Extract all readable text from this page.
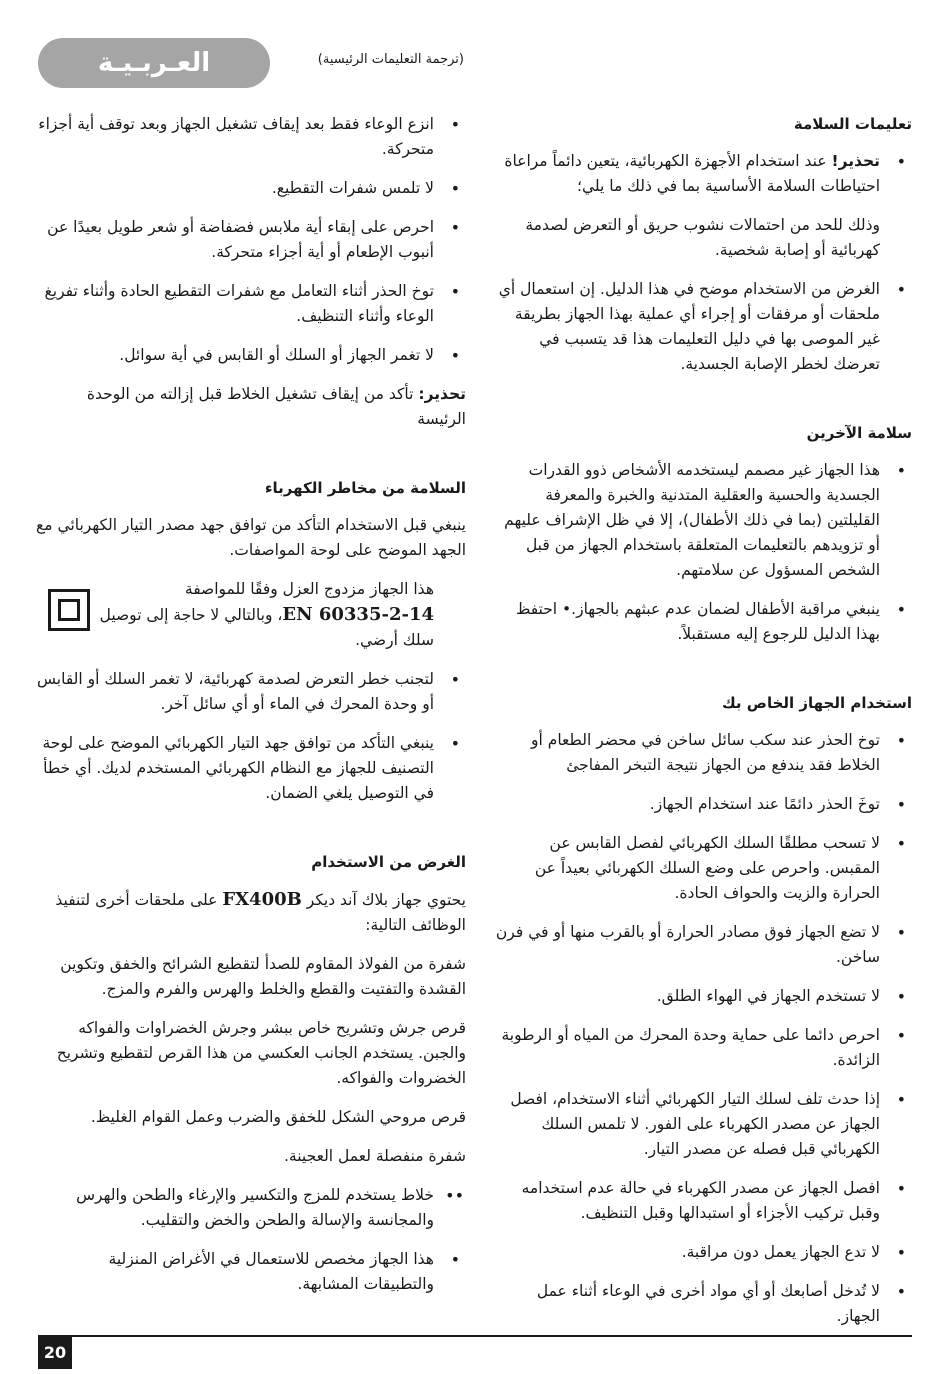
العـربـيـة	(ترجمة التعليمات الرئيسية)
تعليمات السلامة
• تحذير! عند استخدام الأجهزة الكهربائية، يتعين دائماً مراعاة احتياطات السلامة الأساسية بما في ذلك ما يلي؛

وذلك للحد من احتمالات نشوب حريق أو التعرض لصدمة كهربائية أو إصابة شخصية.

• الغرض من الاستخدام موضح في هذا الدليل. إن استعمال أي ملحقات أو مرفقات أو إجراء أي عملية بهذا الجهاز بطريقة غير الموصى بها في دليل التعليمات هذا قد يتسبب في تعرضك لخطر الإصابة الجسدية.
سلامة الآخرين
• هذا الجهاز غير مصمم ليستخدمه الأشخاص ذوو القدرات الجسدية والحسية والعقلية المتدنية والخبرة والمعرفة القليلتين (بما في ذلك الأطفال)، إلا في ظل الإشراف عليهم أو تزويدهم بالتعليمات المتعلقة باستخدام الجهاز من قبل الشخص المسؤول عن سلامتهم.
• ينبغي مراقبة الأطفال لضمان عدم عبثهم بالجهاز.• احتفظ بهذا الدليل للرجوع إليه مستقبلاً.
استخدام الجهاز الخاص بك
• توخ الحذر عند سكب سائل ساخن في محضر الطعام أو الخلاط فقد يندفع من الجهاز نتيجة التبخر المفاجئ
• توخَ الحذر دائمًا عند استخدام الجهاز.
• لا تسحب مطلقًا السلك الكهربائي لفصل القابس عن المقبس. واحرص على وضع السلك الكهربائي بعيداً عن الحرارة والزيت والحواف الحادة.
• لا تضع الجهاز فوق مصادر الحرارة أو بالقرب منها أو في فرن ساخن.
• لا تستخدم الجهاز في الهواء الطلق.
• احرص دائما على حماية وحدة المحرك من المياه أو الرطوبة الزائدة.
• إذا حدث تلف لسلك التيار الكهربائي أثناء الاستخدام، افصل الجهاز عن مصدر الكهرباء على الفور. لا تلمس السلك الكهربائي قبل فصله عن مصدر التيار.
• افصل الجهاز عن مصدر الكهرباء في حالة عدم استخدامه وقبل تركيب الأجزاء أو استبدالها وقبل التنظيف.
• لا تدع الجهاز يعمل دون مراقبة.
• لا تُدخل أصابعك أو أي مواد أخرى في الوعاء أثناء عمل الجهاز.
• انزع الوعاء فقط بعد إيقاف تشغيل الجهاز وبعد توقف أية أجزاء متحركة.
• لا تلمس شفرات التقطيع.
• احرص على إبقاء أية ملابس فضفاضة أو شعر طويل بعيدًا عن أنبوب الإطعام أو أية أجزاء متحركة.
• توخ الحذر أثناء التعامل مع شفرات التقطيع الحادة وأثناء تفريغ الوعاء وأثناء التنظيف.
• لا تغمر الجهاز أو السلك أو القابس في أية سوائل.

تحذير: تأكد من إيقاف تشغيل الخلاط قبل إزالته من الوحدة الرئيسة

السلامة من مخاطر الكهرباء

ينبغي قبل الاستخدام التأكد من توافق جهد مصدر التيار الكهربائي مع الجهد الموضح على لوحة المواصفات.

هذا الجهاز مزدوج العزل وفقًا للمواصفة
EN 60335-2-14، وبالتالي لا حاجة إلى توصيل سلك أرضي.
• لتجنب خطر التعرض لصدمة كهربائية، لا تغمر السلك أو القابس أو وحدة المحرك في الماء أو أي سائل آخر.
• ينبغي التأكد من توافق جهد التيار الكهربائي الموضح على لوحة التصنيف للجهاز مع النظام الكهربائي المستخدم لديك. أي خطأ في التوصيل يلغي الضمان.
الغرض من الاستخدام

يحتوي جهاز بلاك آند ديكر FX400B على ملحقات أخرى لتنفيذ الوظائف التالية:

شفرة من الفولاذ المقاوم للصدأ لتقطيع الشرائح والخفق وتكوين القشدة والتفتيت والقطع والخلط والهرس والفرم والمزج.

قرص جرش وتشريح خاص ببشر وجرش الخضراوات والفواكه والجبن. يستخدم الجانب العكسي من هذا القرص لتقطيع وتشريح الخضروات والفواكه.

قرص مروحي الشكل للخفق والضرب وعمل القوام الغليظ.

شفرة منفصلة لعمل العجينة.

•• خلاط يستخدم للمزج والتكسير والإرغاء والطحن والهرس والمجانسة والإسالة والطحن والخض والتقليب.
• هذا الجهاز مخصص للاستعمال في الأغراض المنزلية والتطبيقات المشابهة.
20
